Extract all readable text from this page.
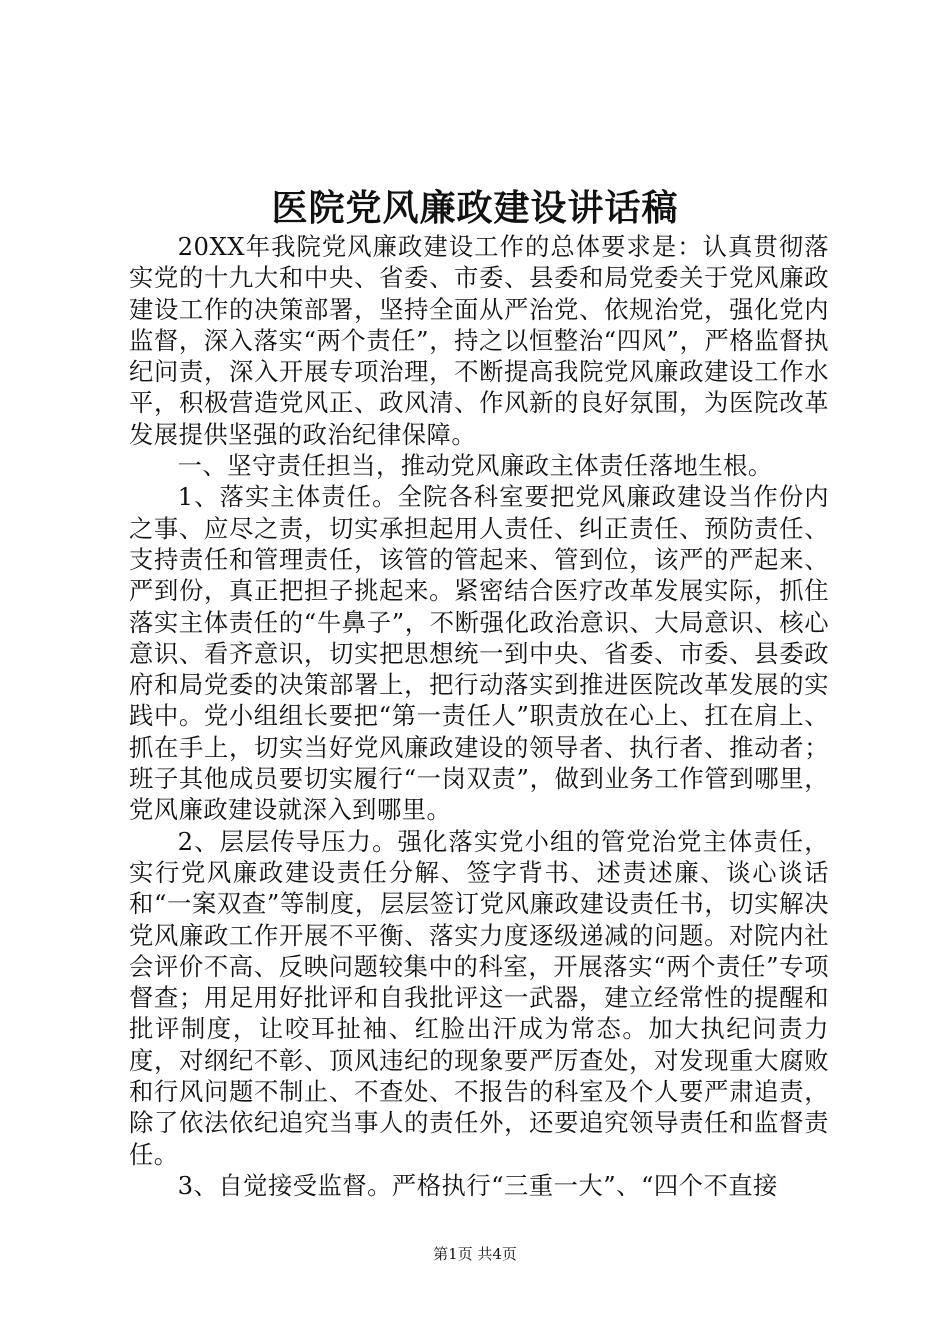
医院党风廉政建设讲话稿

20XX年我院党风廉政建设工作的总体要求是：认真贯彻落实党的十九大和中央、省委、市委、县委和局党委关于党风廉政建设工作的决策部署，坚持全面从严治党、依规治党，强化党内监督，深入落实“两个责任”，持之以恒整治“四风”，严格监督执纪问责，深入开展专项治理，不断提高我院党风廉政建设工作水平，积极营造党风正、政风清、作风新的良好氛围，为医院改革发展提供坚强的政治纪律保障。

一、坚守责任担当，推动党风廉政主体责任落地生根。

1、落实主体责任。全院各科室要把党风廉政建设当作份内之事、应尽之责，切实承担起用人责任、纠正责任、预防责任、支持责任和管理责任，该管的管起来、管到位，该严的严起来、严到份，真正把担子挑起来。紧密结合医疗改革发展实际，抓住落实主体责任的“牛鼻子”，不断强化政治意识、大局意识、核心意识、看齐意识，切实把思想统一到中央、省委、市委、县委政府和局党委的决策部署上，把行动落实到推进医院改革发展的实践中。党小组组长要把“第一责任人”职责放在心上、扛在肩上、抓在手上，切实当好党风廉政建设的领导者、执行者、推动者；班子其他成员要切实履行“一岗双责”，做到业务工作管到哪里，党风廉政建设就深入到哪里。

2、层层传导压力。强化落实党小组的管党治党主体责任，实行党风廉政建设责任分解、签字背书、述责述廉、谈心谈话和“一案双查”等制度，层层签订党风廉政建设责任书，切实解决党风廉政工作开展不平衡、落实力度逐级递减的问题。对院内社会评价不高、反映问题较集中的科室，开展落实“两个责任”专项督查；用足用好批评和自我批评这一武器，建立经常性的提醒和批评制度，让咬耳扯袖、红脸出汗成为常态。加大执纪问责力度，对纲纪不彰、顶风违纪的现象要严厉查处，对发现重大腐败和行风问题不制止、不查处、不报告的科室及个人要严肃追责，除了依法依纪追究当事人的责任外，还要追究领导责任和监督责任。

3、自觉接受监督。严格执行“三重一大”、“四个不直接

第1页 共4页
